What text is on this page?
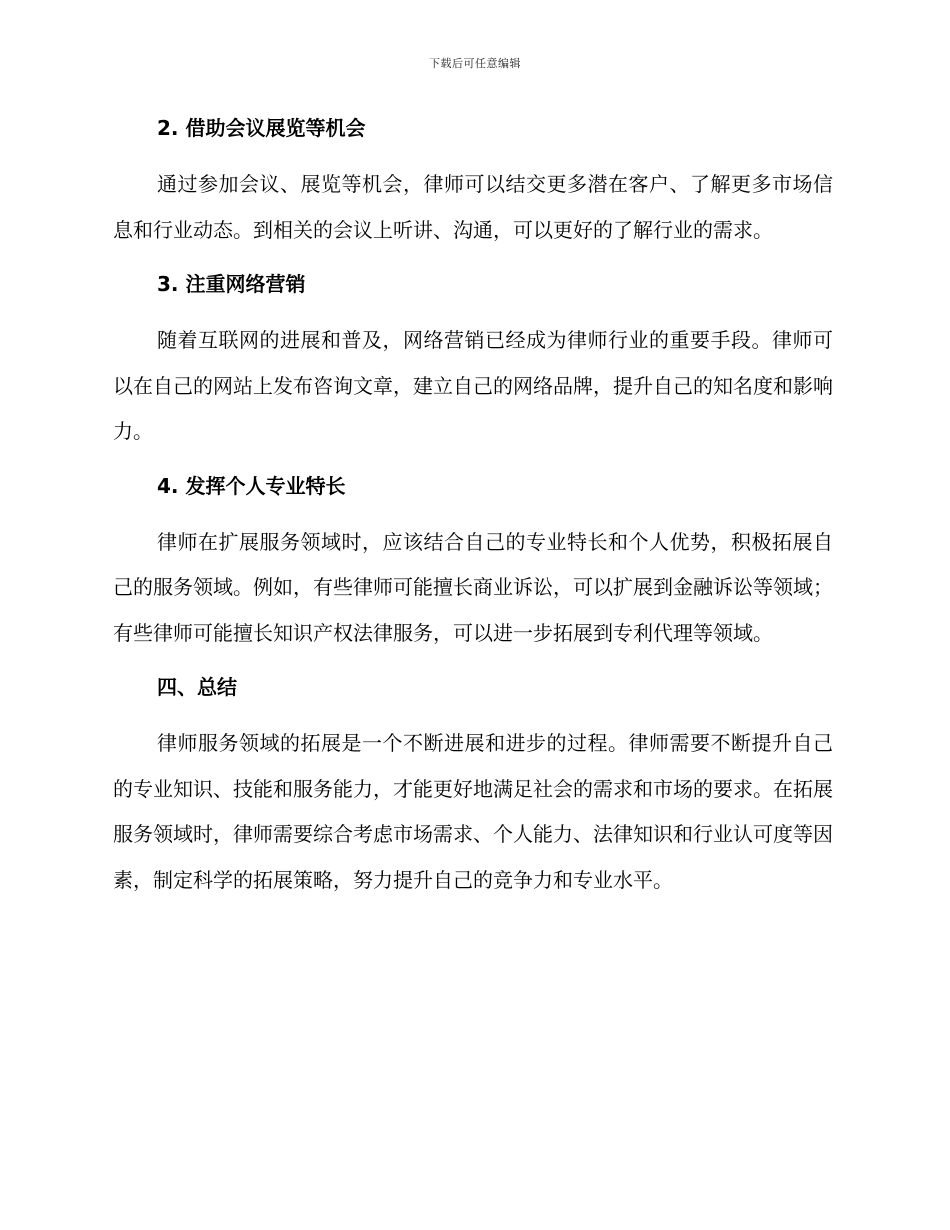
下载后可任意编辑
2. 借助会议展览等机会

通过参加会议、展览等机会，律师可以结交更多潜在客户、了解更多市场信息和行业动态。到相关的会议上听讲、沟通，可以更好的了解行业的需求。

3. 注重网络营销

随着互联网的进展和普及，网络营销已经成为律师行业的重要手段。律师可以在自己的网站上发布咨询文章，建立自己的网络品牌，提升自己的知名度和影响力。

4. 发挥个人专业特长

律师在扩展服务领域时，应该结合自己的专业特长和个人优势，积极拓展自己的服务领域。例如，有些律师可能擅长商业诉讼，可以扩展到金融诉讼等领域；有些律师可能擅长知识产权法律服务，可以进一步拓展到专利代理等领域。

四、总结

律师服务领域的拓展是一个不断进展和进步的过程。律师需要不断提升自己的专业知识、技能和服务能力，才能更好地满足社会的需求和市场的要求。在拓展服务领域时，律师需要综合考虑市场需求、个人能力、法律知识和行业认可度等因素，制定科学的拓展策略，努力提升自己的竞争力和专业水平。
